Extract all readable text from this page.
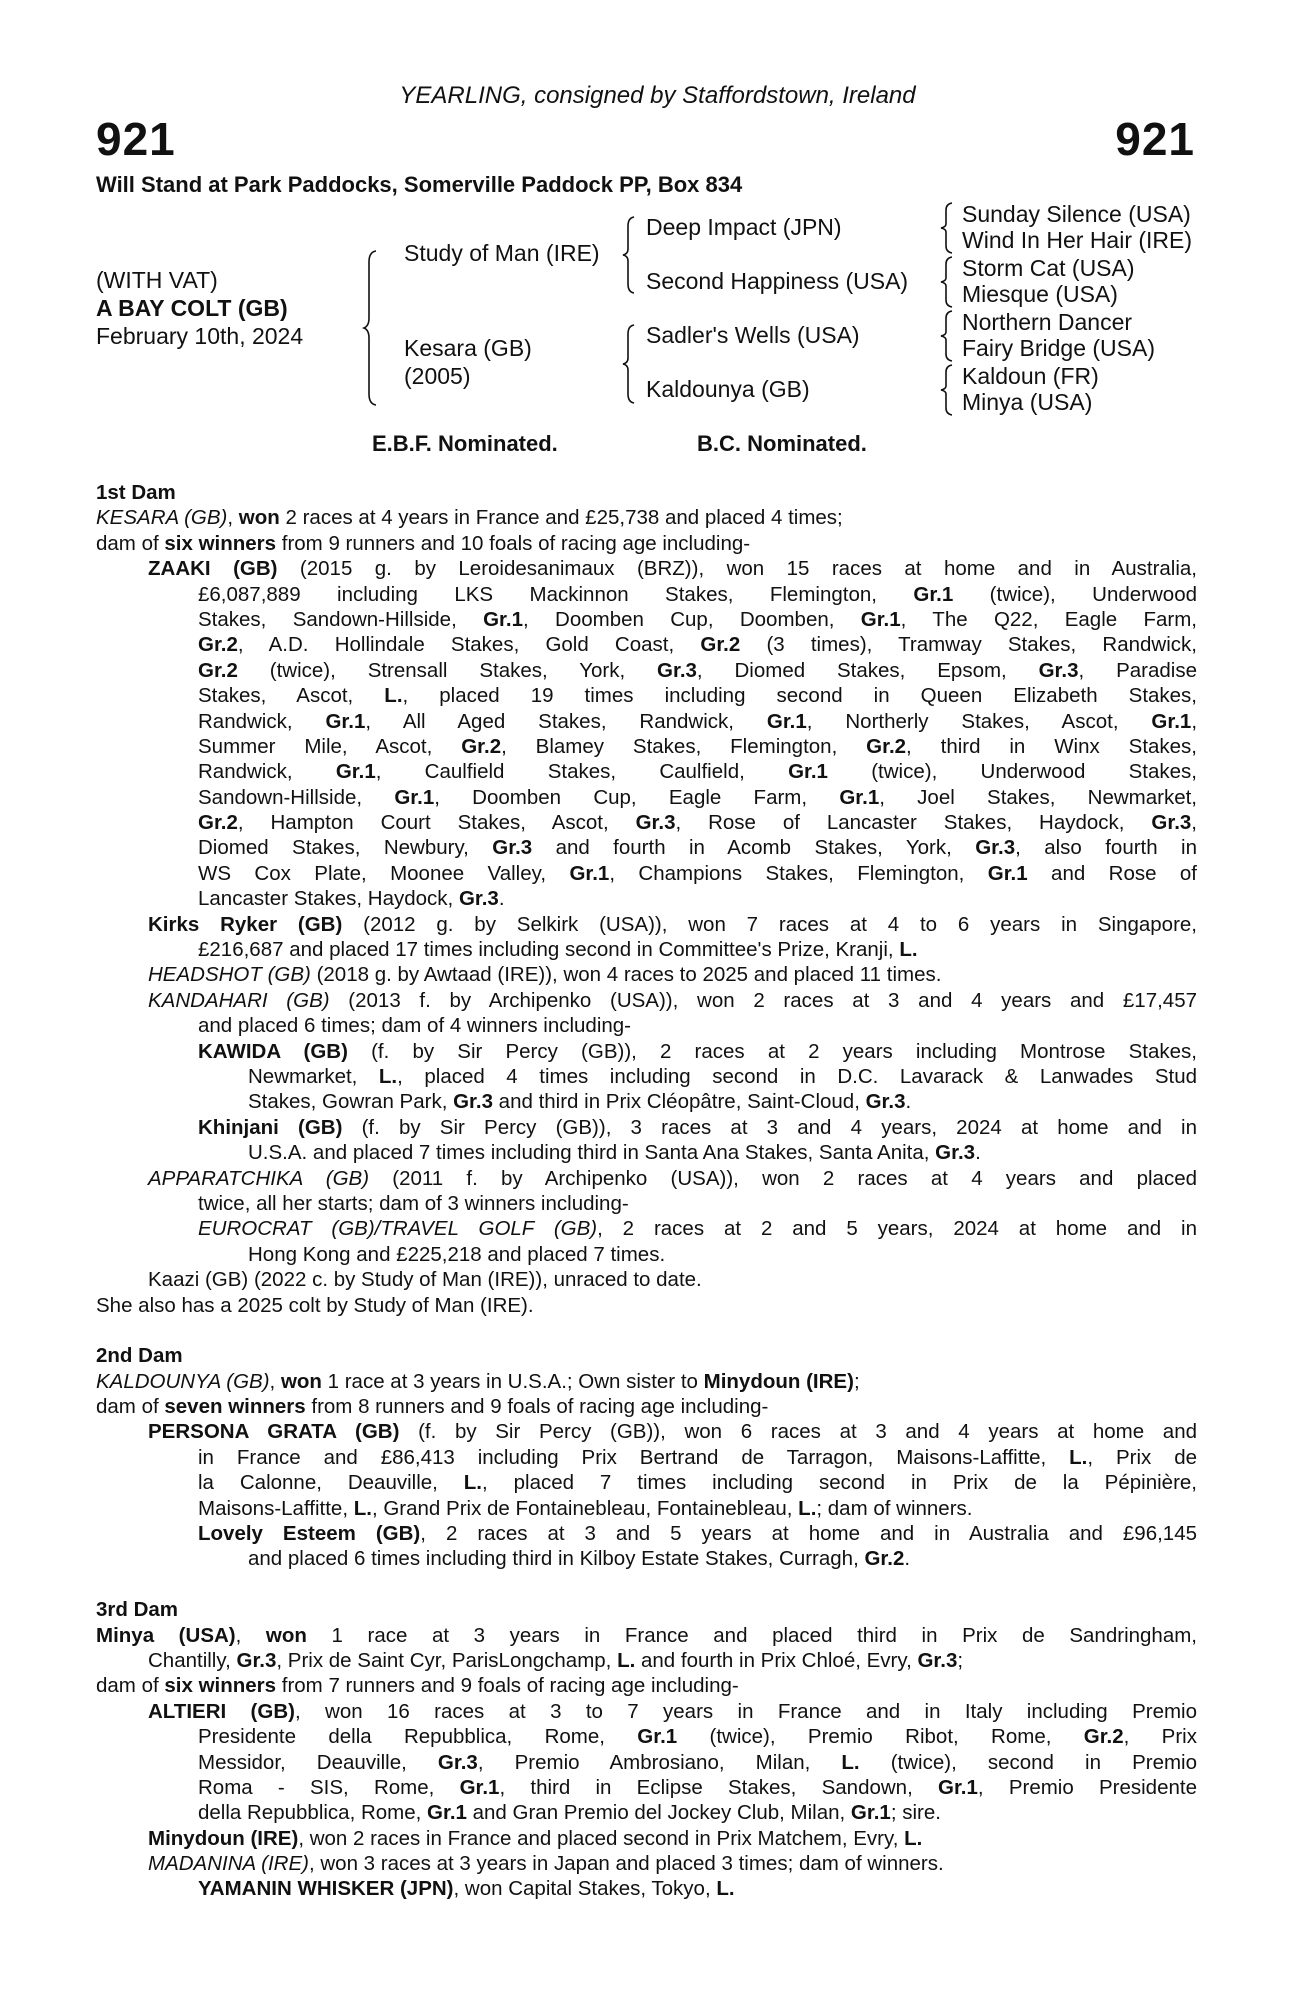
YEARLING, consigned by Staffordstown, Ireland
921	921
Will Stand at Park Paddocks, Somerville Paddock PP, Box 834
(WITH VAT)
A BAY COLT (GB)
February 10th, 2024
Study of Man (IRE)
Kesara (GB)
(2005)
Deep Impact (JPN)
Second Happiness (USA)
Sadler's Wells (USA)
Kaldounya (GB)
Sunday Silence (USA)
Wind In Her Hair (IRE)
Storm Cat (USA)
Miesque (USA)
Northern Dancer
Fairy Bridge (USA)
Kaldoun (FR)
Minya (USA)
E.B.F. Nominated.	B.C. Nominated.
1st Dam
KESARA (GB), won 2 races at 4 years in France and £25,738 and placed 4 times;
dam of six winners from 9 runners and 10 foals of racing age including-
ZAAKI (GB) (2015 g. by Leroidesanimaux (BRZ)), won 15 races at home and in Australia,
£6,087,889 including LKS Mackinnon Stakes, Flemington, Gr.1 (twice), Underwood
Stakes, Sandown-Hillside, Gr.1, Doomben Cup, Doomben, Gr.1, The Q22, Eagle Farm,
Gr.2, A.D. Hollindale Stakes, Gold Coast, Gr.2 (3 times), Tramway Stakes, Randwick,
Gr.2 (twice), Strensall Stakes, York, Gr.3, Diomed Stakes, Epsom, Gr.3, Paradise
Stakes, Ascot, L., placed 19 times including second in Queen Elizabeth Stakes,
Randwick, Gr.1, All Aged Stakes, Randwick, Gr.1, Northerly Stakes, Ascot, Gr.1,
Summer Mile, Ascot, Gr.2, Blamey Stakes, Flemington, Gr.2, third in Winx Stakes,
Randwick, Gr.1, Caulfield Stakes, Caulfield, Gr.1 (twice), Underwood Stakes,
Sandown-Hillside, Gr.1, Doomben Cup, Eagle Farm, Gr.1, Joel Stakes, Newmarket,
Gr.2, Hampton Court Stakes, Ascot, Gr.3, Rose of Lancaster Stakes, Haydock, Gr.3,
Diomed Stakes, Newbury, Gr.3 and fourth in Acomb Stakes, York, Gr.3, also fourth in
WS Cox Plate, Moonee Valley, Gr.1, Champions Stakes, Flemington, Gr.1 and Rose of
Lancaster Stakes, Haydock, Gr.3.
Kirks Ryker (GB) (2012 g. by Selkirk (USA)), won 7 races at 4 to 6 years in Singapore,
£216,687 and placed 17 times including second in Committee's Prize, Kranji, L.
HEADSHOT (GB) (2018 g. by Awtaad (IRE)), won 4 races to 2025 and placed 11 times.
KANDAHARI (GB) (2013 f. by Archipenko (USA)), won 2 races at 3 and 4 years and £17,457
and placed 6 times; dam of 4 winners including-
KAWIDA (GB) (f. by Sir Percy (GB)), 2 races at 2 years including Montrose Stakes,
Newmarket, L., placed 4 times including second in D.C. Lavarack & Lanwades Stud
Stakes, Gowran Park, Gr.3 and third in Prix Cléopâtre, Saint-Cloud, Gr.3.
Khinjani (GB) (f. by Sir Percy (GB)), 3 races at 3 and 4 years, 2024 at home and in
U.S.A. and placed 7 times including third in Santa Ana Stakes, Santa Anita, Gr.3.
APPARATCHIKA (GB) (2011 f. by Archipenko (USA)), won 2 races at 4 years and placed
twice, all her starts; dam of 3 winners including-
EUROCRAT (GB)/TRAVEL GOLF (GB), 2 races at 2 and 5 years, 2024 at home and in
Hong Kong and £225,218 and placed 7 times.
Kaazi (GB) (2022 c. by Study of Man (IRE)), unraced to date.
She also has a 2025 colt by Study of Man (IRE).
2nd Dam
KALDOUNYA (GB), won 1 race at 3 years in U.S.A.; Own sister to Minydoun (IRE);
dam of seven winners from 8 runners and 9 foals of racing age including-
PERSONA GRATA (GB) (f. by Sir Percy (GB)), won 6 races at 3 and 4 years at home and
in France and £86,413 including Prix Bertrand de Tarragon, Maisons-Laffitte, L., Prix de
la Calonne, Deauville, L., placed 7 times including second in Prix de la Pépinière,
Maisons-Laffitte, L., Grand Prix de Fontainebleau, Fontainebleau, L.; dam of winners.
Lovely Esteem (GB), 2 races at 3 and 5 years at home and in Australia and £96,145
and placed 6 times including third in Kilboy Estate Stakes, Curragh, Gr.2.
3rd Dam
Minya (USA), won 1 race at 3 years in France and placed third in Prix de Sandringham,
Chantilly, Gr.3, Prix de Saint Cyr, ParisLongchamp, L. and fourth in Prix Chloé, Evry, Gr.3;
dam of six winners from 7 runners and 9 foals of racing age including-
ALTIERI (GB), won 16 races at 3 to 7 years in France and in Italy including Premio
Presidente della Repubblica, Rome, Gr.1 (twice), Premio Ribot, Rome, Gr.2, Prix
Messidor, Deauville, Gr.3, Premio Ambrosiano, Milan, L. (twice), second in Premio
Roma - SIS, Rome, Gr.1, third in Eclipse Stakes, Sandown, Gr.1, Premio Presidente
della Repubblica, Rome, Gr.1 and Gran Premio del Jockey Club, Milan, Gr.1; sire.
Minydoun (IRE), won 2 races in France and placed second in Prix Matchem, Evry, L.
MADANINA (IRE), won 3 races at 3 years in Japan and placed 3 times; dam of winners.
YAMANIN WHISKER (JPN), won Capital Stakes, Tokyo, L.
